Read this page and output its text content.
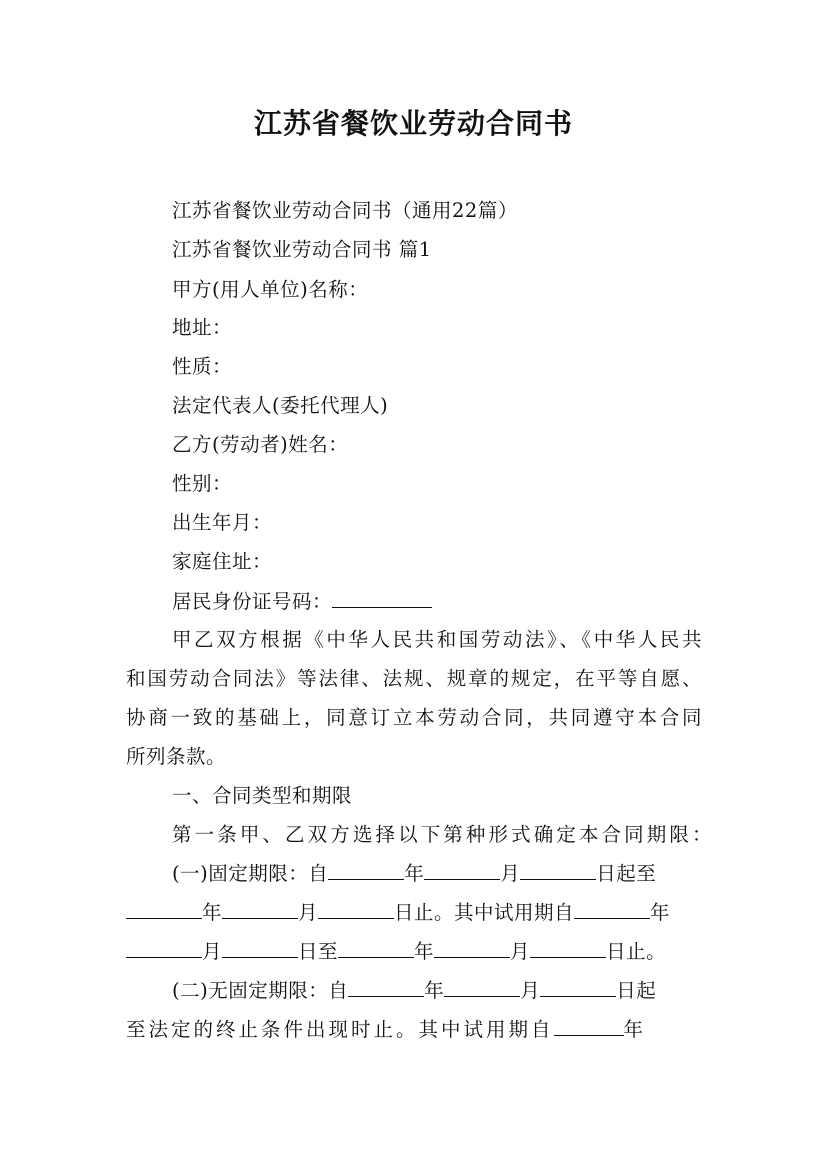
江苏省餐饮业劳动合同书
江苏省餐饮业劳动合同书（通用22篇）
江苏省餐饮业劳动合同书 篇1
甲方(用人单位)名称：
地址：
性质：
法定代表人(委托代理人)
乙方(劳动者)姓名：
性别：
出生年月：
家庭住址：
居民身份证号码：
甲乙双方根据《中华人民共和国劳动法》、《中华人民共
和国劳动合同法》等法律、法规、规章的规定，在平等自愿、
协商一致的基础上，同意订立本劳动合同，共同遵守本合同
所列条款。
一、合同类型和期限
第一条甲、乙双方选择以下第种形式确定本合同期限：
(一)固定期限：自	年	月	日起至
年	月	日止。其中试用期自	年
月	日至	年	月	日止。
(二)无固定期限：自	年	月	日起
至法定的终止条件出现时止。其中试用期自	年
